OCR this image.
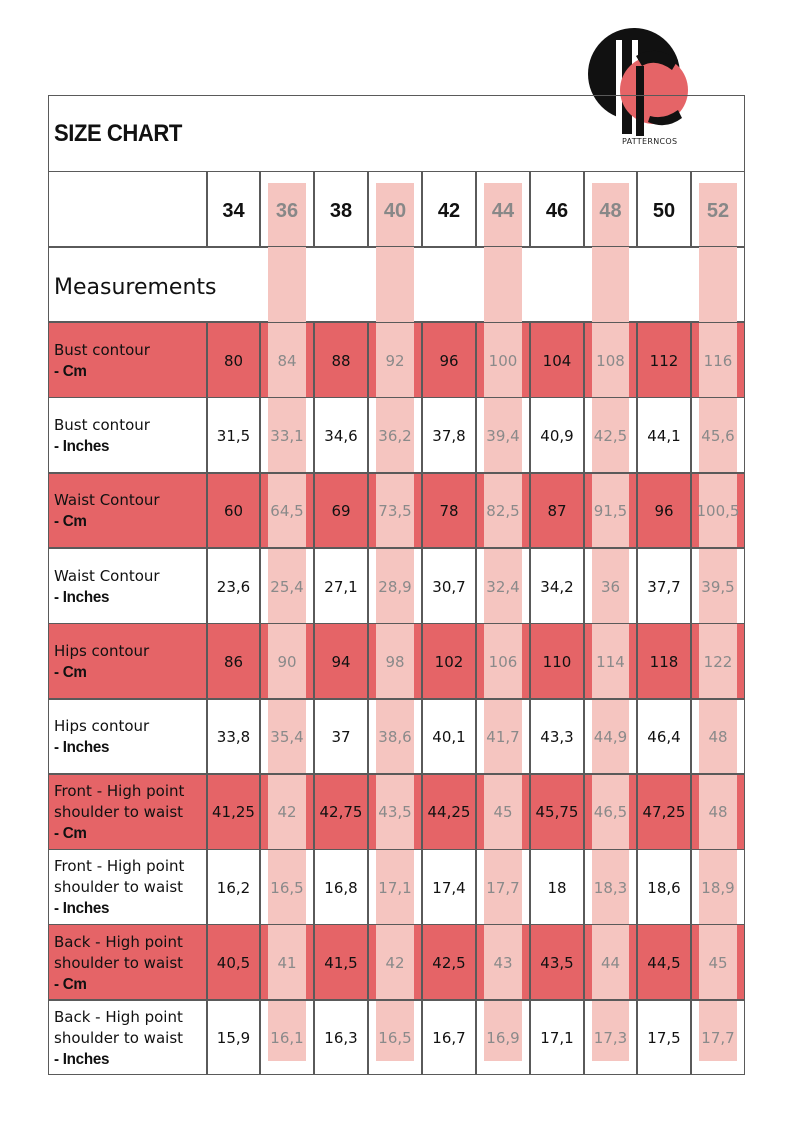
PATTERNCOS
SIZE CHART
Measurements
34	36	38	40	42	44	46	48	50	52
Bust contour
- Cm
80	84	88	92	96	100	104	108	112	116
Bust contour
- Inches
31,5	33,1	34,6	36,2	37,8	39,4	40,9	42,5	44,1	45,6
Waist Contour
- Cm
60	64,5	69	73,5	78	82,5	87	91,5	96	100,5
Waist Contour
- Inches
23,6	25,4	27,1	28,9	30,7	32,4	34,2	36	37,7	39,5
Hips contour
- Cm
86	90	94	98	102	106	110	114	118	122
Hips contour
- Inches
33,8	35,4	37	38,6	40,1	41,7	43,3	44,9	46,4	48
Front - High point
shoulder to waist
- Cm
41,25	42	42,75	43,5	44,25	45	45,75	46,5	47,25	48
Front - High point
shoulder to waist
- Inches
16,2	16,5	16,8	17,1	17,4	17,7	18	18,3	18,6	18,9
Back - High point
shoulder to waist
- Cm
40,5	41	41,5	42	42,5	43	43,5	44	44,5	45
Back - High point
shoulder to waist
- Inches
15,9	16,1	16,3	16,5	16,7	16,9	17,1	17,3	17,5	17,7
